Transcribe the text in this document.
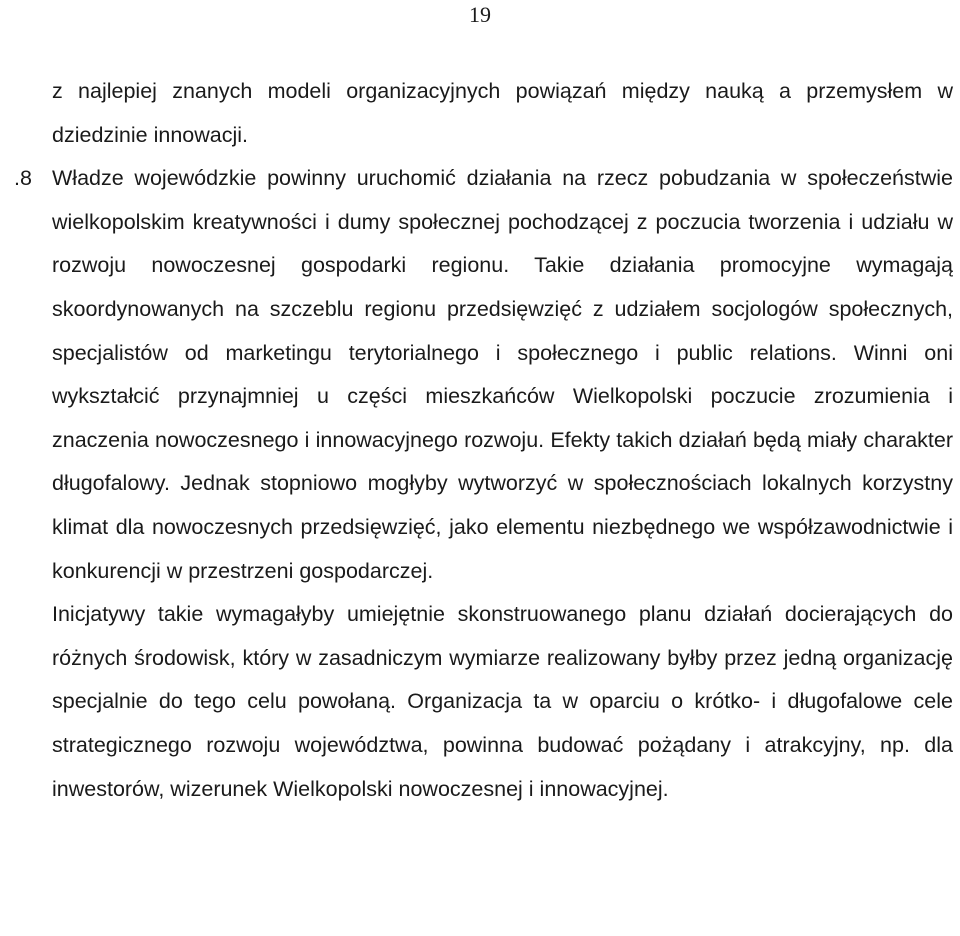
19

z najlepiej znanych modeli organizacyjnych powiązań między nauką a przemysłem w dziedzinie innowacji.

8. Władze wojewódzkie powinny uruchomić działania na rzecz pobudzania w społeczeństwie wielkopolskim kreatywności i dumy społecznej pochodzącej z poczucia tworzenia i udziału w rozwoju nowoczesnej gospodarki regionu. Takie działania promocyjne wymagają skoordynowanych na szczeblu regionu przedsięwzięć z udziałem socjologów społecznych, specjalistów od marketingu terytorialnego i społecznego i public relations. Winni oni wykształcić przynajmniej u części mieszkańców Wielkopolski poczucie zrozumienia i znaczenia nowoczesnego i innowacyjnego rozwoju. Efekty takich działań będą miały charakter długofalowy. Jednak stopniowo mogłyby wytworzyć w społecznościach lokalnych korzystny klimat dla nowoczesnych przedsięwzięć, jako elementu niezbędnego we współzawodnictwie i konkurencji w przestrzeni gospodarczej.

Inicjatywy takie wymagałyby umiejętnie skonstruowanego planu działań docierających do różnych środowisk, który w zasadniczym wymiarze realizowany byłby przez jedną organizację specjalnie do tego celu powołaną. Organizacja ta w oparciu o krótko- i długofalowe cele strategicznego rozwoju województwa, powinna budować pożądany i atrakcyjny, np. dla inwestorów, wizerunek Wielkopolski nowoczesnej i innowacyjnej.
